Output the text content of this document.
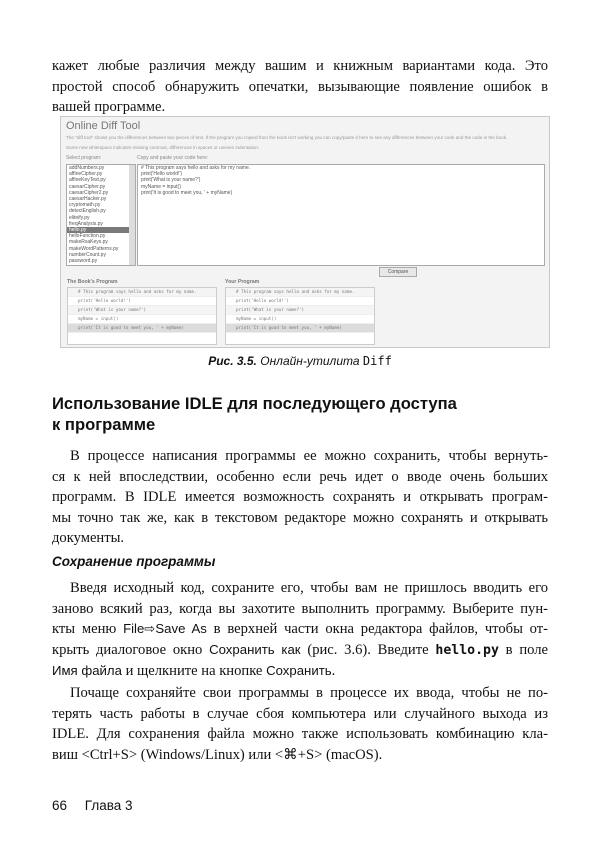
кажет любые различия между вашим и книжным вариантами кода. Это
простой способ обнаружить опечатки, вызывающие появление ошибок в
вашей программе.

Online Diff Tool
The "diff tool" shows you the differences between two pieces of text. If the program you copied from the book isn't working you can copy/paste it here to see any differences between your code and the code in the book.
Some new whitespace indicates missing commas, differences in spaces or uneven indentation.
Select program:	Copy and paste your code here:
addNumbers.py
affineCipher.py
affineKeyTest.py
caesarCipher.py
caesarCipher2.py
caesarHacker.py
cryptomath.py
detectEnglish.py
eliteify.py
freqAnalysis.py
hello.py
helloFunction.py
makeRsaKeys.py
makeWordPatterns.py
numberCount.py
password.py
# This program says hello and asks for my name.
print('Hello world!')
print('What is your name?')
myName = input()
print('It is good to meet you, ' + myName)
Compare
The Book's Program
# This program says hello and asks for my name.
print('Hello world!')
print('What is your name?')
myName = input()
print('It is good to meet you, ' + myName)
Your Program
# This program says hello and asks for my name.
print('Hello world!')
print('What is your name?')
myName = input()
print('It is good to meet you, ' + myName)
Рис. 3.5. Онлайн-утилита Diff
Использование IDLE для последующего доступа
к программе

В процессе написания программы ее можно сохранить, чтобы вернуть-
ся к ней впоследствии, особенно если речь идет о вводе очень больших
программ. В IDLE имеется возможность сохранять и открывать програм-
мы точно так же, как в текстовом редакторе можно сохранять и открывать
документы.

Сохранение программы

Введя исходный код, сохраните его, чтобы вам не пришлось вводить его
заново всякий раз, когда вы захотите выполнить программу. Выберите пун-
кты меню File⇨Save As в верхней части окна редактора файлов, чтобы от-
крыть диалоговое окно Сохранить как (рис. 3.6). Введите hello.py в поле
Имя файла и щелкните на кнопке Сохранить.

Почаще сохраняйте свои программы в процессе их ввода, чтобы не по-
терять часть работы в случае сбоя компьютера или случайного выхода из
IDLE. Для сохранения файла можно также использовать комбинацию кла-
виш <Ctrl+S> (Windows/Linux) или <⌘+S> (macOS).

66 Глава 3
